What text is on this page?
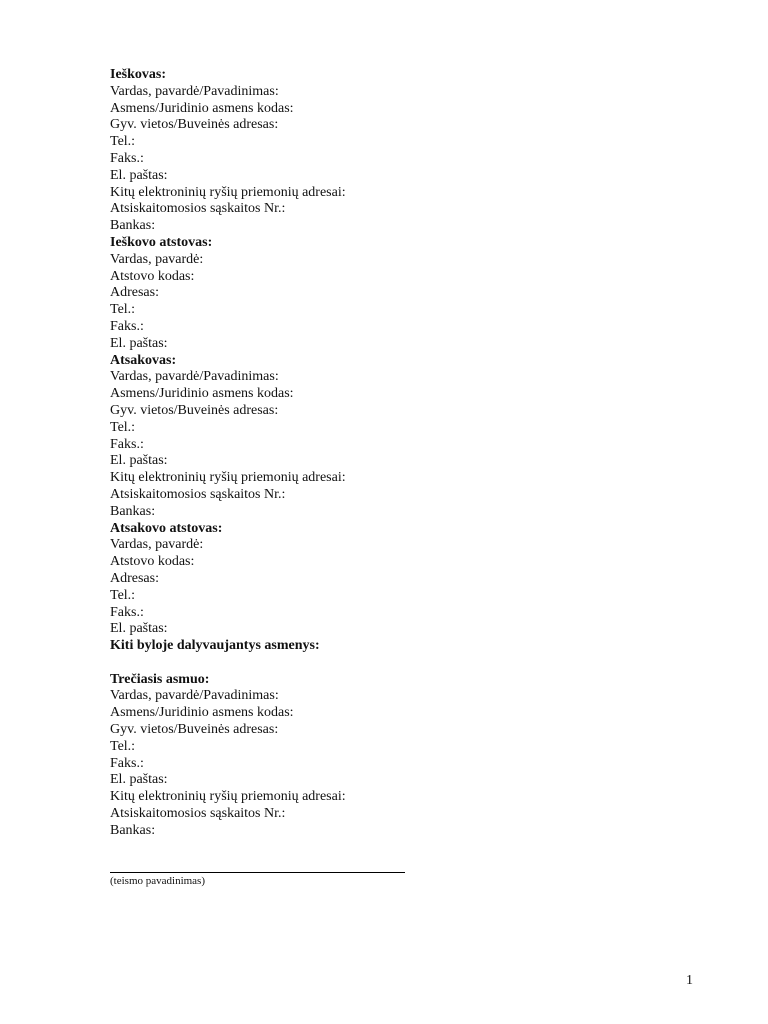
Ieškovas:
Vardas, pavardė/Pavadinimas:
Asmens/Juridinio asmens kodas:
Gyv. vietos/Buveinės adresas:
Tel.:
Faks.:
El. paštas:
Kitų elektroninių ryšių priemonių adresai:
Atsiskaitomosios sąskaitos Nr.:
Bankas:
Ieškovo atstovas:
Vardas, pavardė:
Atstovo kodas:
Adresas:
Tel.:
Faks.:
El. paštas:
Atsakovas:
Vardas, pavardė/Pavadinimas:
Asmens/Juridinio asmens kodas:
Gyv. vietos/Buveinės adresas:
Tel.:
Faks.:
El. paštas:
Kitų elektroninių ryšių priemonių adresai:
Atsiskaitomosios sąskaitos Nr.:
Bankas:
Atsakovo atstovas:
Vardas, pavardė:
Atstovo kodas:
Adresas:
Tel.:
Faks.:
El. paštas:
Kiti byloje dalyvaujantys asmenys:
Trečiasis asmuo:
Vardas, pavardė/Pavadinimas:
Asmens/Juridinio asmens kodas:
Gyv. vietos/Buveinės adresas:
Tel.:
Faks.:
El. paštas:
Kitų elektroninių ryšių priemonių adresai:
Atsiskaitomosios sąskaitos Nr.:
Bankas:
(teismo pavadinimas)
1
